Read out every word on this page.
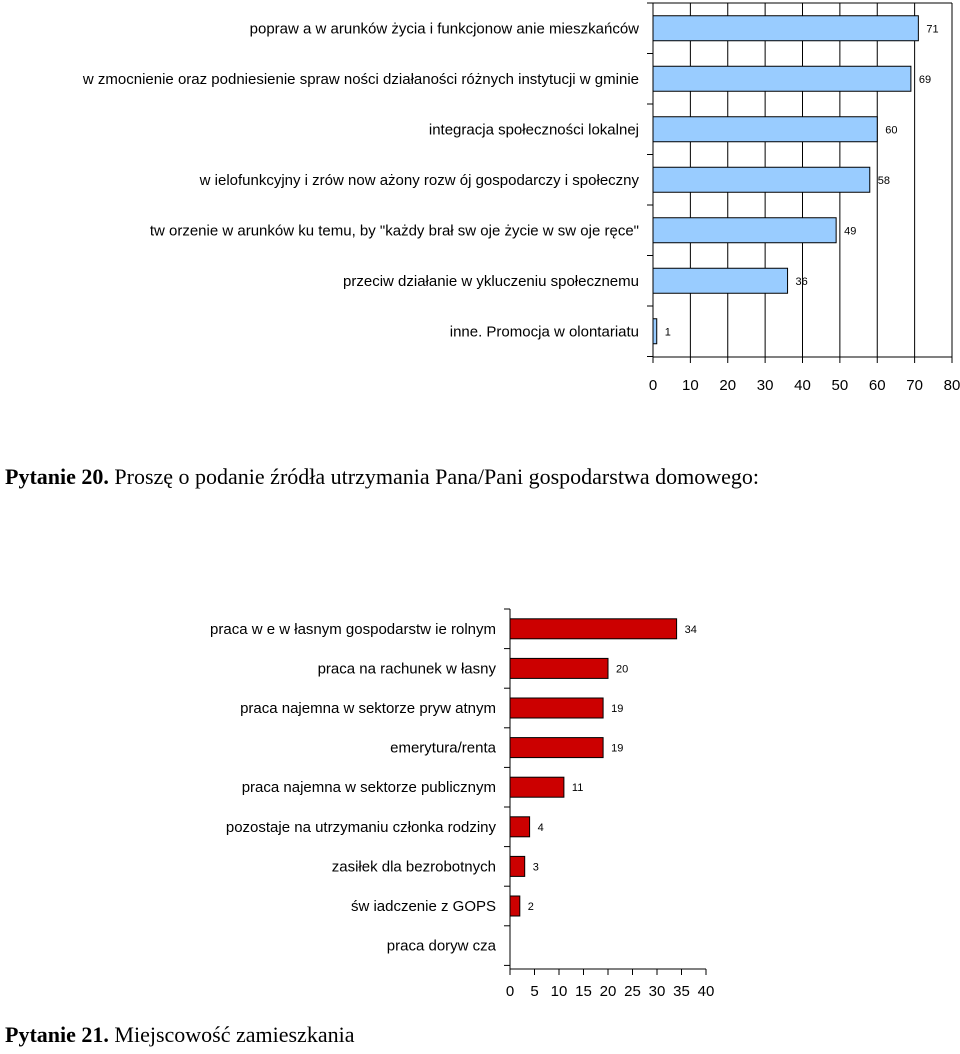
0 10 20 30 40 50 60 70 80
popraw a w arunków życia i funkcjonow anie mieszkańców	71
w zmocnienie oraz podniesienie spraw ności działaności różnych instytucji w gminie	69
integracja społeczności lokalnej	60
w ielofunkcyjny i zrów now ażony rozw ój gospodarczy i społeczny	58
tw orzenie w arunków ku temu, by "każdy brał sw oje życie w sw oje ręce"	49
przeciw działanie w ykluczeniu społecznemu	36
inne. Promocja w olontariatu 1
Pytanie 20. Proszę o podanie źródła utrzymania Pana/Pani gospodarstwa domowego:
0 5 10 15 20 25 30 35 40
praca w e w łasnym gospodarstw ie rolnym	34
praca na rachunek w łasny	20
praca najemna w sektorze pryw atnym	19
emerytura/renta	19
praca najemna w sektorze publicznym	11
pozostaje na utrzymaniu członka rodziny	4
zasiłek dla bezrobotnych	3
św iadczenie z GOPS	2
praca doryw cza
Pytanie 21. Miejscowość zamieszkania
